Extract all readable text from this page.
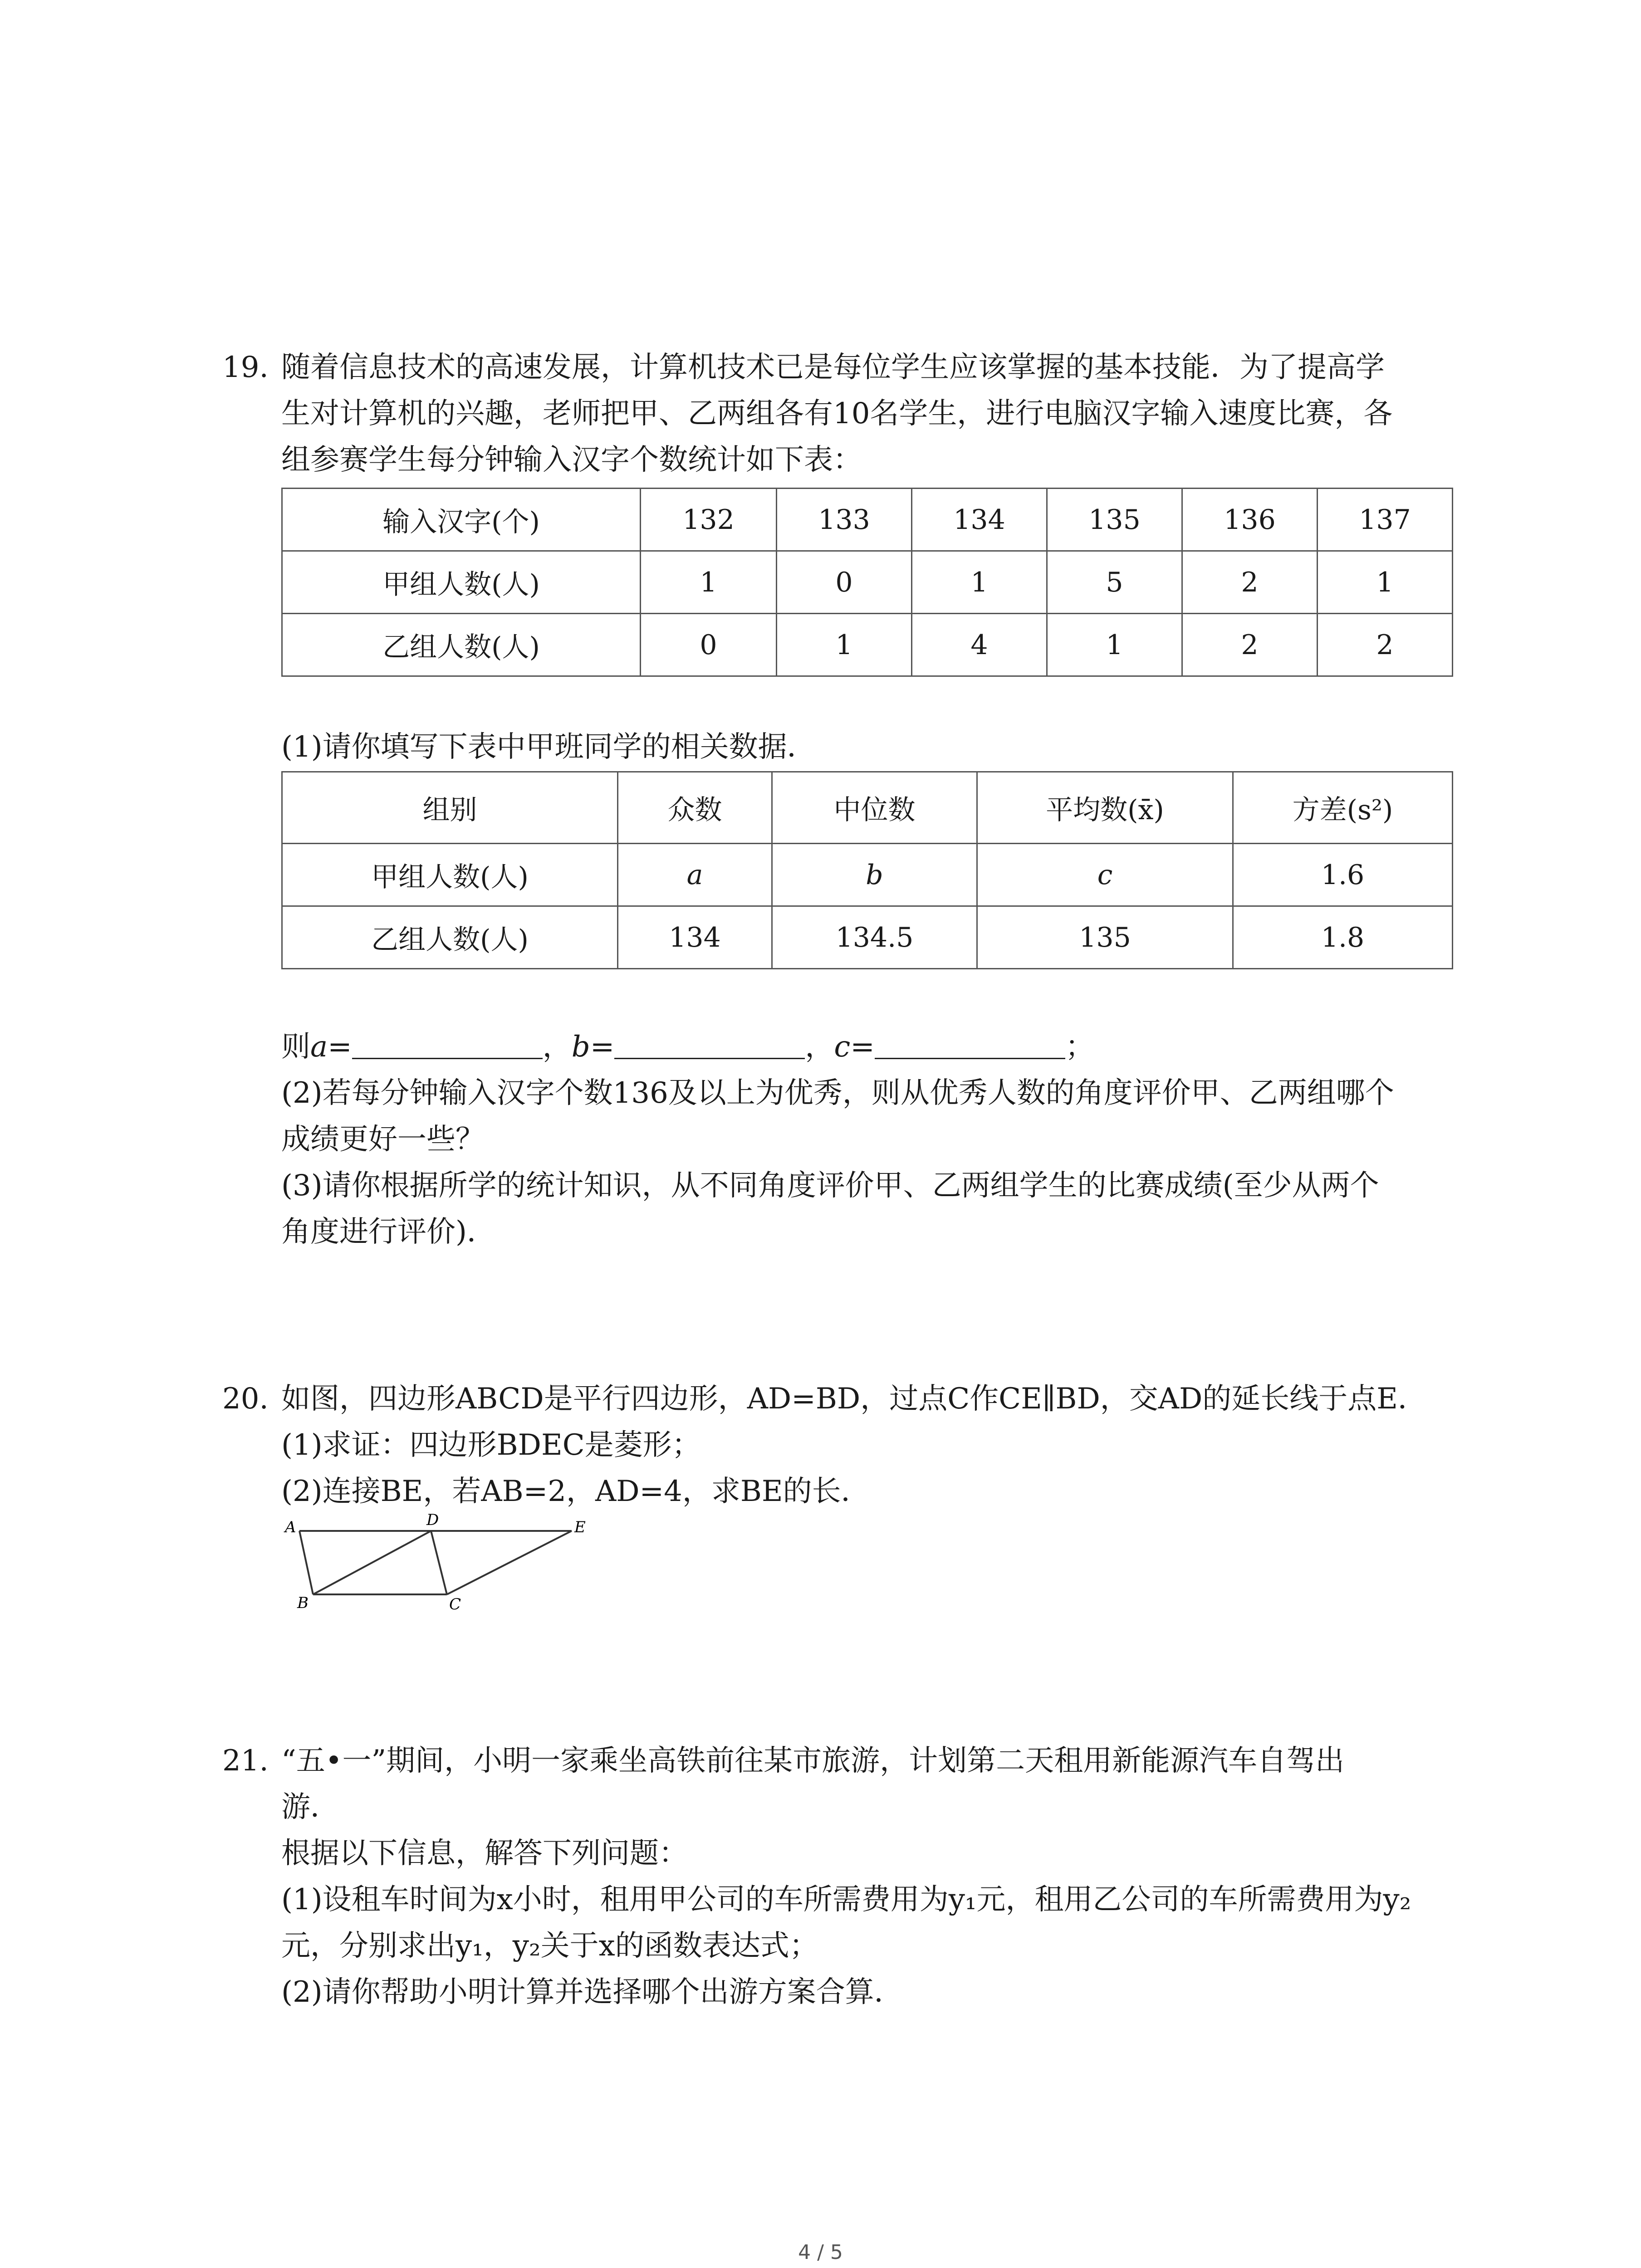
19. 随着信息技术的高速发展，计算机技术已是每位学生应该掌握的基本技能．为了提高学
生对计算机的兴趣，老师把甲、乙两组各有10名学生，进行电脑汉字输入速度比赛，各
组参赛学生每分钟输入汉字个数统计如下表：
输入汉字(个)	132	133	134	135	136	137
甲组人数(人)	1	0	1	5	2	1
乙组人数(人)	0	1	4	1	2	2
(1)请你填写下表中甲班同学的相关数据．
组别	众数	中位数	平均数(x̄)	方差(s²)
甲组人数(人)	a	b	c	1.6
乙组人数(人)	134	134.5	135	1.8
则a=	，b=	，c=	；
(2)若每分钟输入汉字个数136及以上为优秀，则从优秀人数的角度评价甲、乙两组哪个
成绩更好一些？
(3)请你根据所学的统计知识，从不同角度评价甲、乙两组学生的比赛成绩(至少从两个
角度进行评价)．
20. 如图，四边形ABCD是平行四边形，AD=BD，过点C作CE∥BD，交AD的延长线于点E．
(1)求证：四边形BDEC是菱形；
(2)连接BE，若AB=2，AD=4，求BE的长．
A
B	C
D	E
21. “五•一”期间，小明一家乘坐高铁前往某市旅游，计划第二天租用新能源汽车自驾出
游．
根据以下信息，解答下列问题：
(1)设租车时间为x小时，租用甲公司的车所需费用为y₁元，租用乙公司的车所需费用为y₂
元，分别求出y₁，y₂关于x的函数表达式；
(2)请你帮助小明计算并选择哪个出游方案合算．
4 / 5
